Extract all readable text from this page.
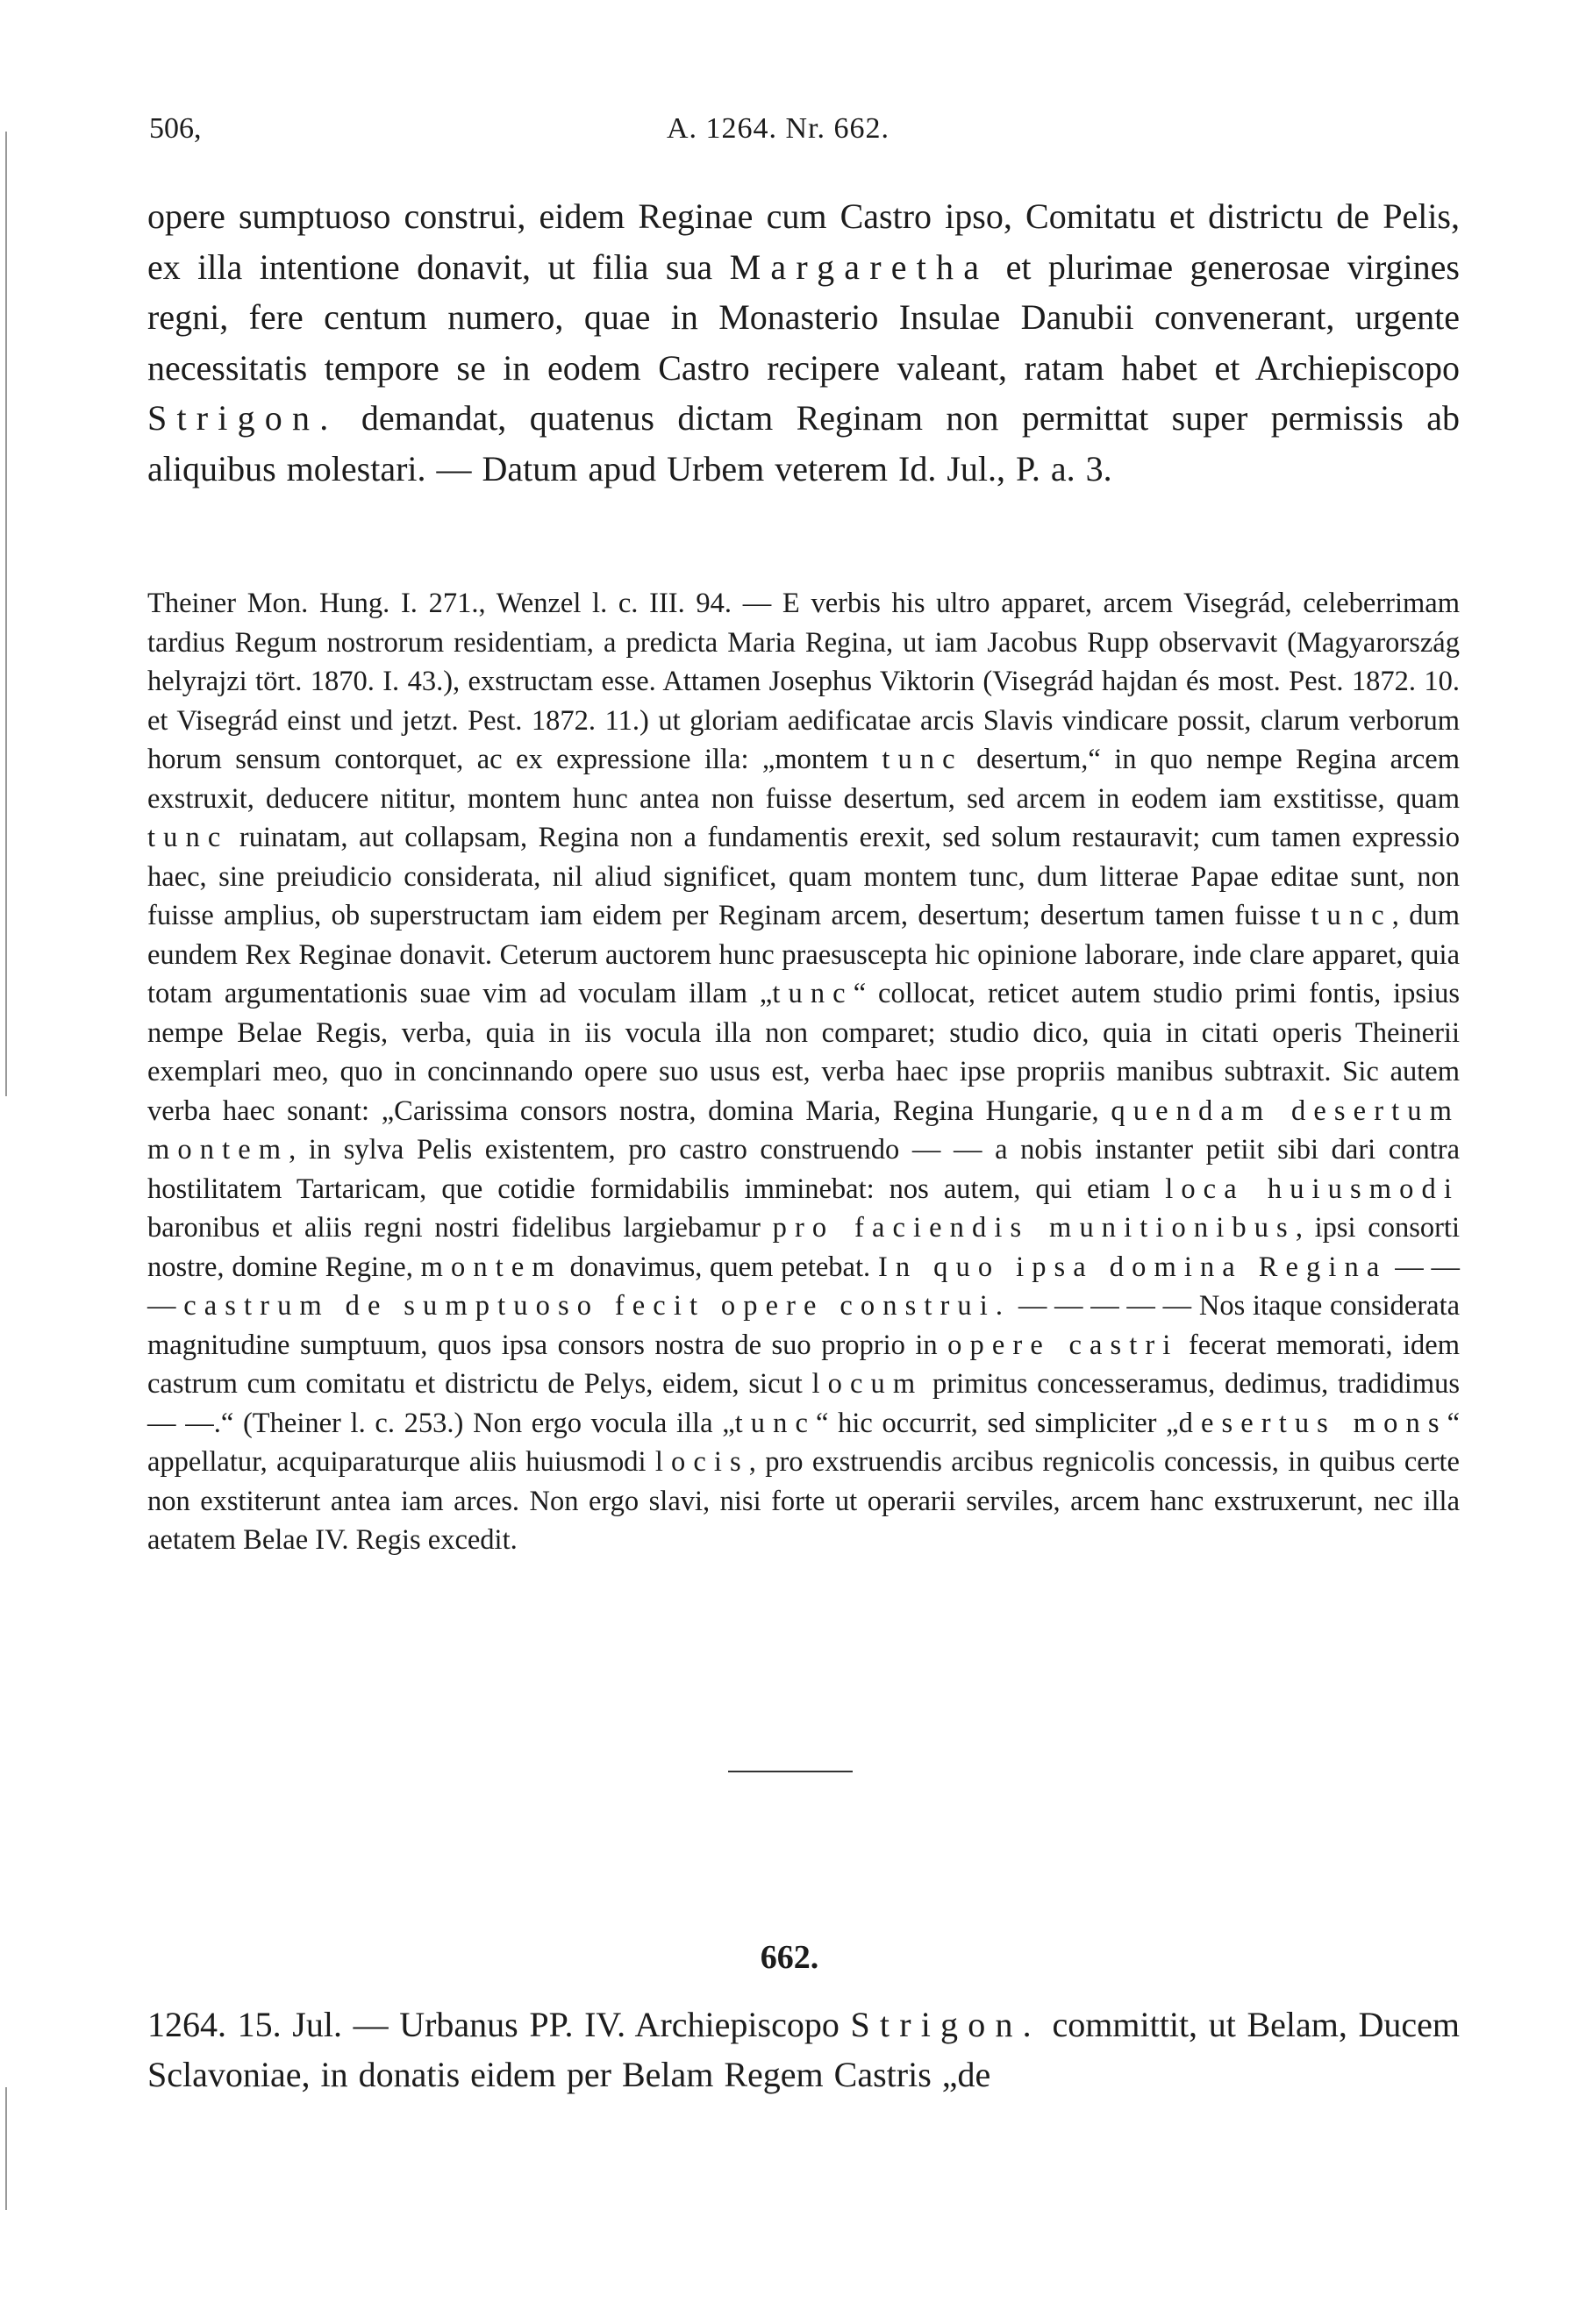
506,	A. 1264. Nr. 662.

opere sumptuoso construi, eidem Reginae cum Castro ipso, Comitatu et districtu de Pelis, ex illa intentione donavit, ut filia sua Margaretha et plurimae generosae virgines regni, fere centum numero, quae in Monasterio Insulae Danubii convenerant, urgente necessitatis tempore se in eodem Castro recipere valeant, ratam habet et Archiepiscopo Strigon. demandat, quatenus dictam Reginam non permittat super permissis ab aliquibus molestari. — Datum apud Urbem veterem Id. Jul., P. a. 3.

Theiner Mon. Hung. I. 271., Wenzel l. c. III. 94. — E verbis his ultro apparet, arcem Visegrád, celeberrimam tardius Regum nostrorum residentiam, a predicta Maria Regina, ut iam Jacobus Rupp observavit (Magyarország helyrajzi tört. 1870. I. 43.), exstructam esse. Attamen Josephus Viktorin (Visegrád hajdan és most. Pest. 1872. 10. et Visegrád einst und jetzt. Pest. 1872. 11.) ut gloriam aedificatae arcis Slavis vindicare possit, clarum verborum horum sensum contorquet, ac ex expressione illa: „montem tunc desertum,“ in quo nempe Regina arcem exstruxit, deducere nititur, montem hunc antea non fuisse desertum, sed arcem in eodem iam exstitisse, quam tunc ruinatam, aut collapsam, Regina non a fundamentis erexit, sed solum restauravit; cum tamen expressio haec, sine preiudicio considerata, nil aliud significet, quam montem tunc, dum litterae Papae editae sunt, non fuisse amplius, ob superstructam iam eidem per Reginam arcem, desertum; desertum tamen fuisse tunc, dum eundem Rex Reginae donavit. Ceterum auctorem hunc praesuscepta hic opinione laborare, inde clare apparet, quia totam argumentationis suae vim ad voculam illam „tunc“ collocat, reticet autem studio primi fontis, ipsius nempe Belae Regis, verba, quia in iis vocula illa non comparet; studio dico, quia in citati operis Theinerii exemplari meo, quo in concinnando opere suo usus est, verba haec ipse propriis manibus subtraxit. Sic autem verba haec sonant: „Carissima consors nostra, domina Maria, Regina Hungarie, quendam desertum montem, in sylva Pelis existentem, pro castro construendo — — a nobis instanter petiit sibi dari contra hostilitatem Tartaricam, que cotidie formidabilis imminebat: nos autem, qui etiam loca huiusmodi baronibus et aliis regni nostri fidelibus largiebamur pro faciendis munitionibus, ipsi consorti nostre, domine Regine, montem donavimus, quem petebat. In quo ipsa domina Regina — — — castrum de sumptuoso fecit opere construi. — — — — — Nos itaque considerata magnitudine sumptuum, quos ipsa consors nostra de suo proprio in opere castri fecerat memorati, idem castrum cum comitatu et districtu de Pelys, eidem, sicut locum primitus concesseramus, dedimus, tradidimus — —.“ (Theiner l. c. 253.) Non ergo vocula illa „tunc“ hic occurrit, sed simpliciter „desertus mons“ appellatur, acquiparaturque aliis huiusmodi locis, pro exstruendis arcibus regnicolis concessis, in quibus certe non exstiterunt antea iam arces. Non ergo slavi, nisi forte ut operarii serviles, arcem hanc exstruxerunt, nec illa aetatem Belae IV. Regis excedit.

662.

1264. 15. Jul. — Urbanus PP. IV. Archiepiscopo Strigon. committit, ut Belam, Ducem Sclavoniae, in donatis eidem per Belam Regem Castris „de
